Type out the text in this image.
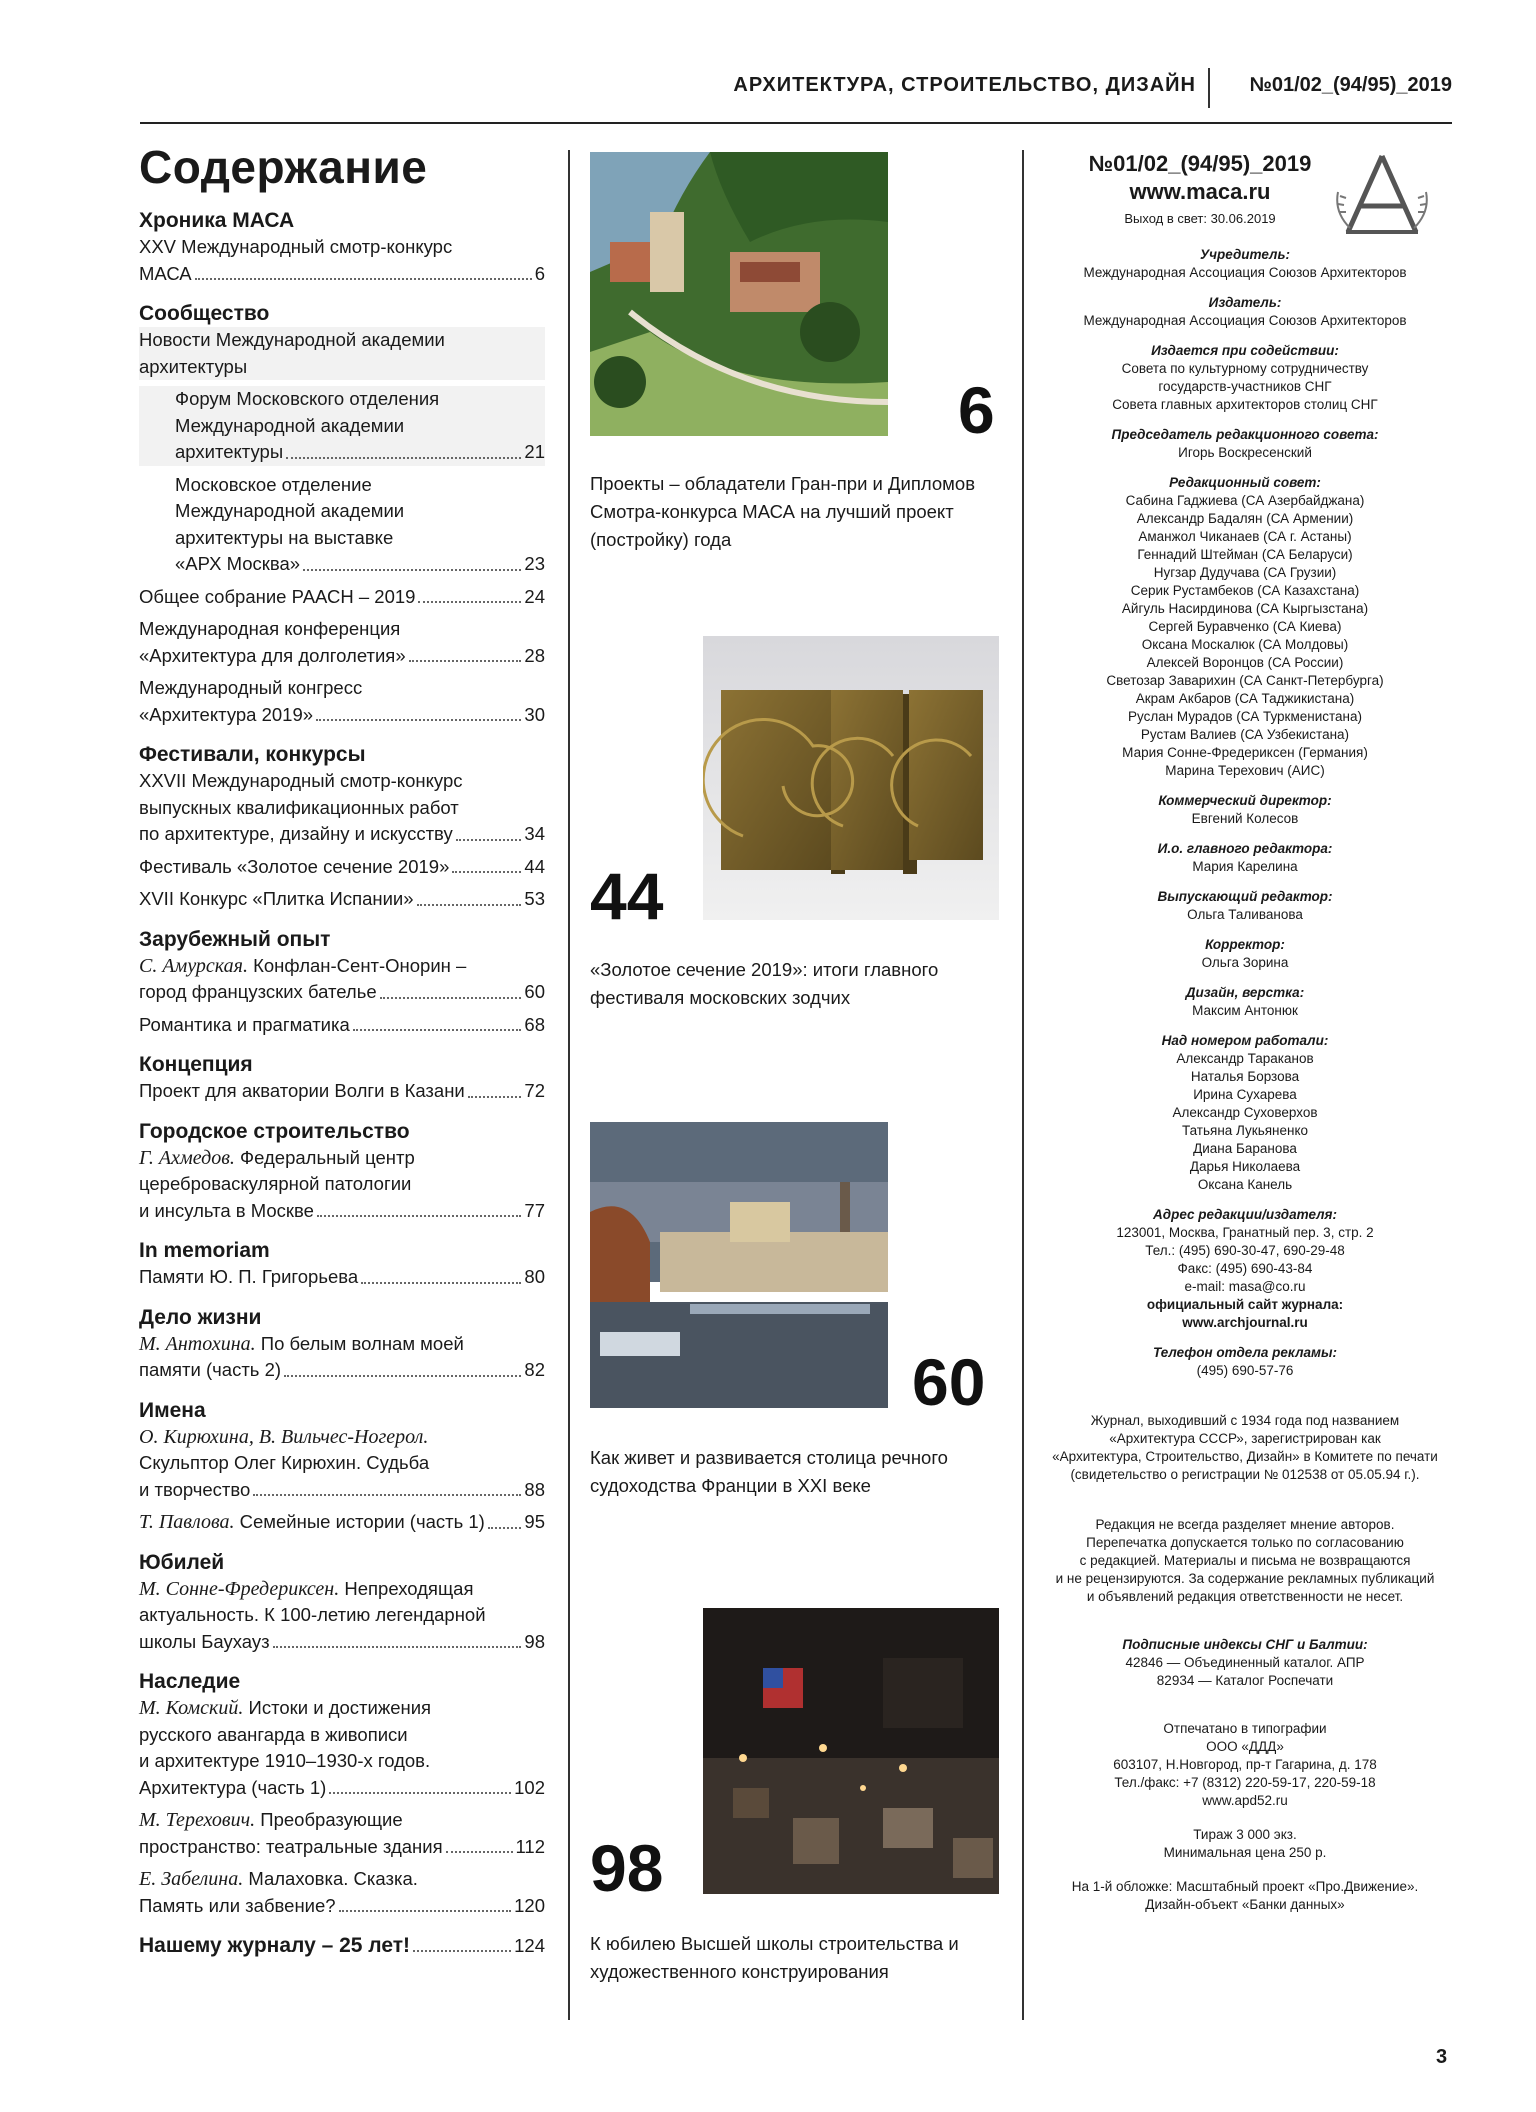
АРХИТЕКТУРА, СТРОИТЕЛЬСТВО, ДИЗАЙН	№01/02_(94/95)_2019
Содержание
Хроника МАСА
XXV Международный смотр-конкурс
МАСА	6
Сообщество
Новости Международной академии
архитектуры
Форум Московского отделения
Международной академии
архитектуры	21
Московское отделение
Международной академии
архитектуры на выставке
«АРХ Москва»	23
Общее собрание РААСН – 2019	24
Международная конференция
«Архитектура для долголетия»	28
Международный конгресс
«Архитектура 2019»	30
Фестивали, конкурсы
XXVII Международный смотр-конкурс
выпускных квалификационных работ
по архитектуре, дизайну и искусству	34
Фестиваль «Золотое сечение 2019»	44
XVII Конкурс «Плитка Испании»	53
Зарубежный опыт
С. Амурская. Конфлан-Сент-Онорин –
город французских бательe	60
Романтика и прагматика	68
Концепция
Проект для акватории Волги в Казани	72
Городское строительство
Г. Ахмедов. Федеральный центр
цереброваскулярной патологии
и инсульта в Москве	77
In memoriam
Памяти Ю. П. Григорьева	80
Дело жизни
М. Антохина. По белым волнам моей
памяти (часть 2)	82
Имена
О. Кирюхина, В. Вильчес-Ногерол.
Скульптор Олег Кирюхин. Судьба
и творчество	88
Т. Павлова. Семейные истории (часть 1) 95
Юбилей
М. Сонне-Фредериксен. Непреходящая
актуальность. К 100-летию легендарной
школы Баухауз	98
Наследие
М. Комский. Истоки и достижения
русского авангарда в живописи
и архитектуре 1910–1930-х годов.
Архитектура (часть 1)	102
М. Терехович. Преобразующие
пространство: театральные здания	112
Е. Забелина. Малаховка. Сказка.
Память или забвение?	120
Нашему журналу – 25 лет!	124
6
Проекты – обладатели Гран-при и Дипломов Смотра-конкурса МАСА на лучший проект (постройку) года
44
«Золотое сечение 2019»: итоги главного фестиваля московских зодчих
60
Как живет и развивается столица речного судоходства Франции в XXI веке
98
К юбилею Высшей школы строительства и художественного конструирования
№01/02_(94/95)_2019
www.maca.ru
Выход в свет: 30.06.2019
Учредитель:
Международная Ассоциация Союзов Архитекторов
Издатель:
Международная Ассоциация Союзов Архитекторов
Издается при содействии:
Совета по культурному сотрудничеству
государств-участников СНГ
Совета главных архитекторов столиц СНГ
Председатель редакционного совета:
Игорь Воскресенский
Редакционный совет:
Сабина Гаджиева (СА Азербайджана)
Александр Бадалян (СА Армении)
Аманжол Чиканаев (СА г. Астаны)
Геннадий Штейман (СА Беларуси)
Нугзар Дудучава (СА Грузии)
Серик Рустамбеков (СА Казахстана)
Айгуль Насирдинова (СА Кыргызстана)
Сергей Буравченко (СА Киева)
Оксана Москалюк (СА Молдовы)
Алексей Воронцов (СА России)
Светозар Заварихин (СА Санкт-Петербурга)
Акрам Акбаров (СА Таджикистана)
Руслан Мурадов (СА Туркменистана)
Рустам Валиев (СА Узбекистана)
Мария Сонне-Фредериксен (Германия)
Марина Терехович (АИС)
Коммерческий директор:
Евгений Колесов
И.о. главного редактора:
Мария Карелина
Выпускающий редактор:
Ольга Таливанова
Корректор:
Ольга Зорина
Дизайн, верстка:
Максим Антонюк
Над номером работали:
Александр Тараканов
Наталья Борзова
Ирина Сухарева
Александр Суховерхов
Татьяна Лукьяненко
Диана Баранова
Дарья Николаева
Оксана Канель
Адрес редакции/издателя:
123001, Москва, Гранатный пер. 3, стр. 2
Тел.: (495) 690-30-47, 690-29-48
Факс: (495) 690-43-84
e-mail: masa@co.ru
официальный сайт журнала:
www.archjournal.ru
Телефон отдела рекламы:
(495) 690-57-76
Журнал, выходивший с 1934 года под названием
«Архитектура СССР», зарегистрирован как
«Архитектура, Строительство, Дизайн» в Комитете по печати
(свидетельство о регистрации № 012538 от 05.05.94 г.).
Редакция не всегда разделяет мнение авторов.
Перепечатка допускается только по согласованию
с редакцией. Материалы и письма не возвращаются
и не рецензируются. За содержание рекламных публикаций
и объявлений редакция ответственности не несет.
Подписные индексы СНГ и Балтии:
42846 — Объединенный каталог. АПР
82934 — Каталог Роспечати
Отпечатано в типографии
ООО «ДДД»
603107, Н.Новгород, пр-т Гагарина, д. 178
Тел./факс: +7 (8312) 220-59-17, 220-59-18
www.apd52.ru
Тираж 3 000 экз.
Минимальная цена 250 р.
На 1-й обложке: Масштабный проект «Про.Движение».
Дизайн-объект «Банки данных»
3
